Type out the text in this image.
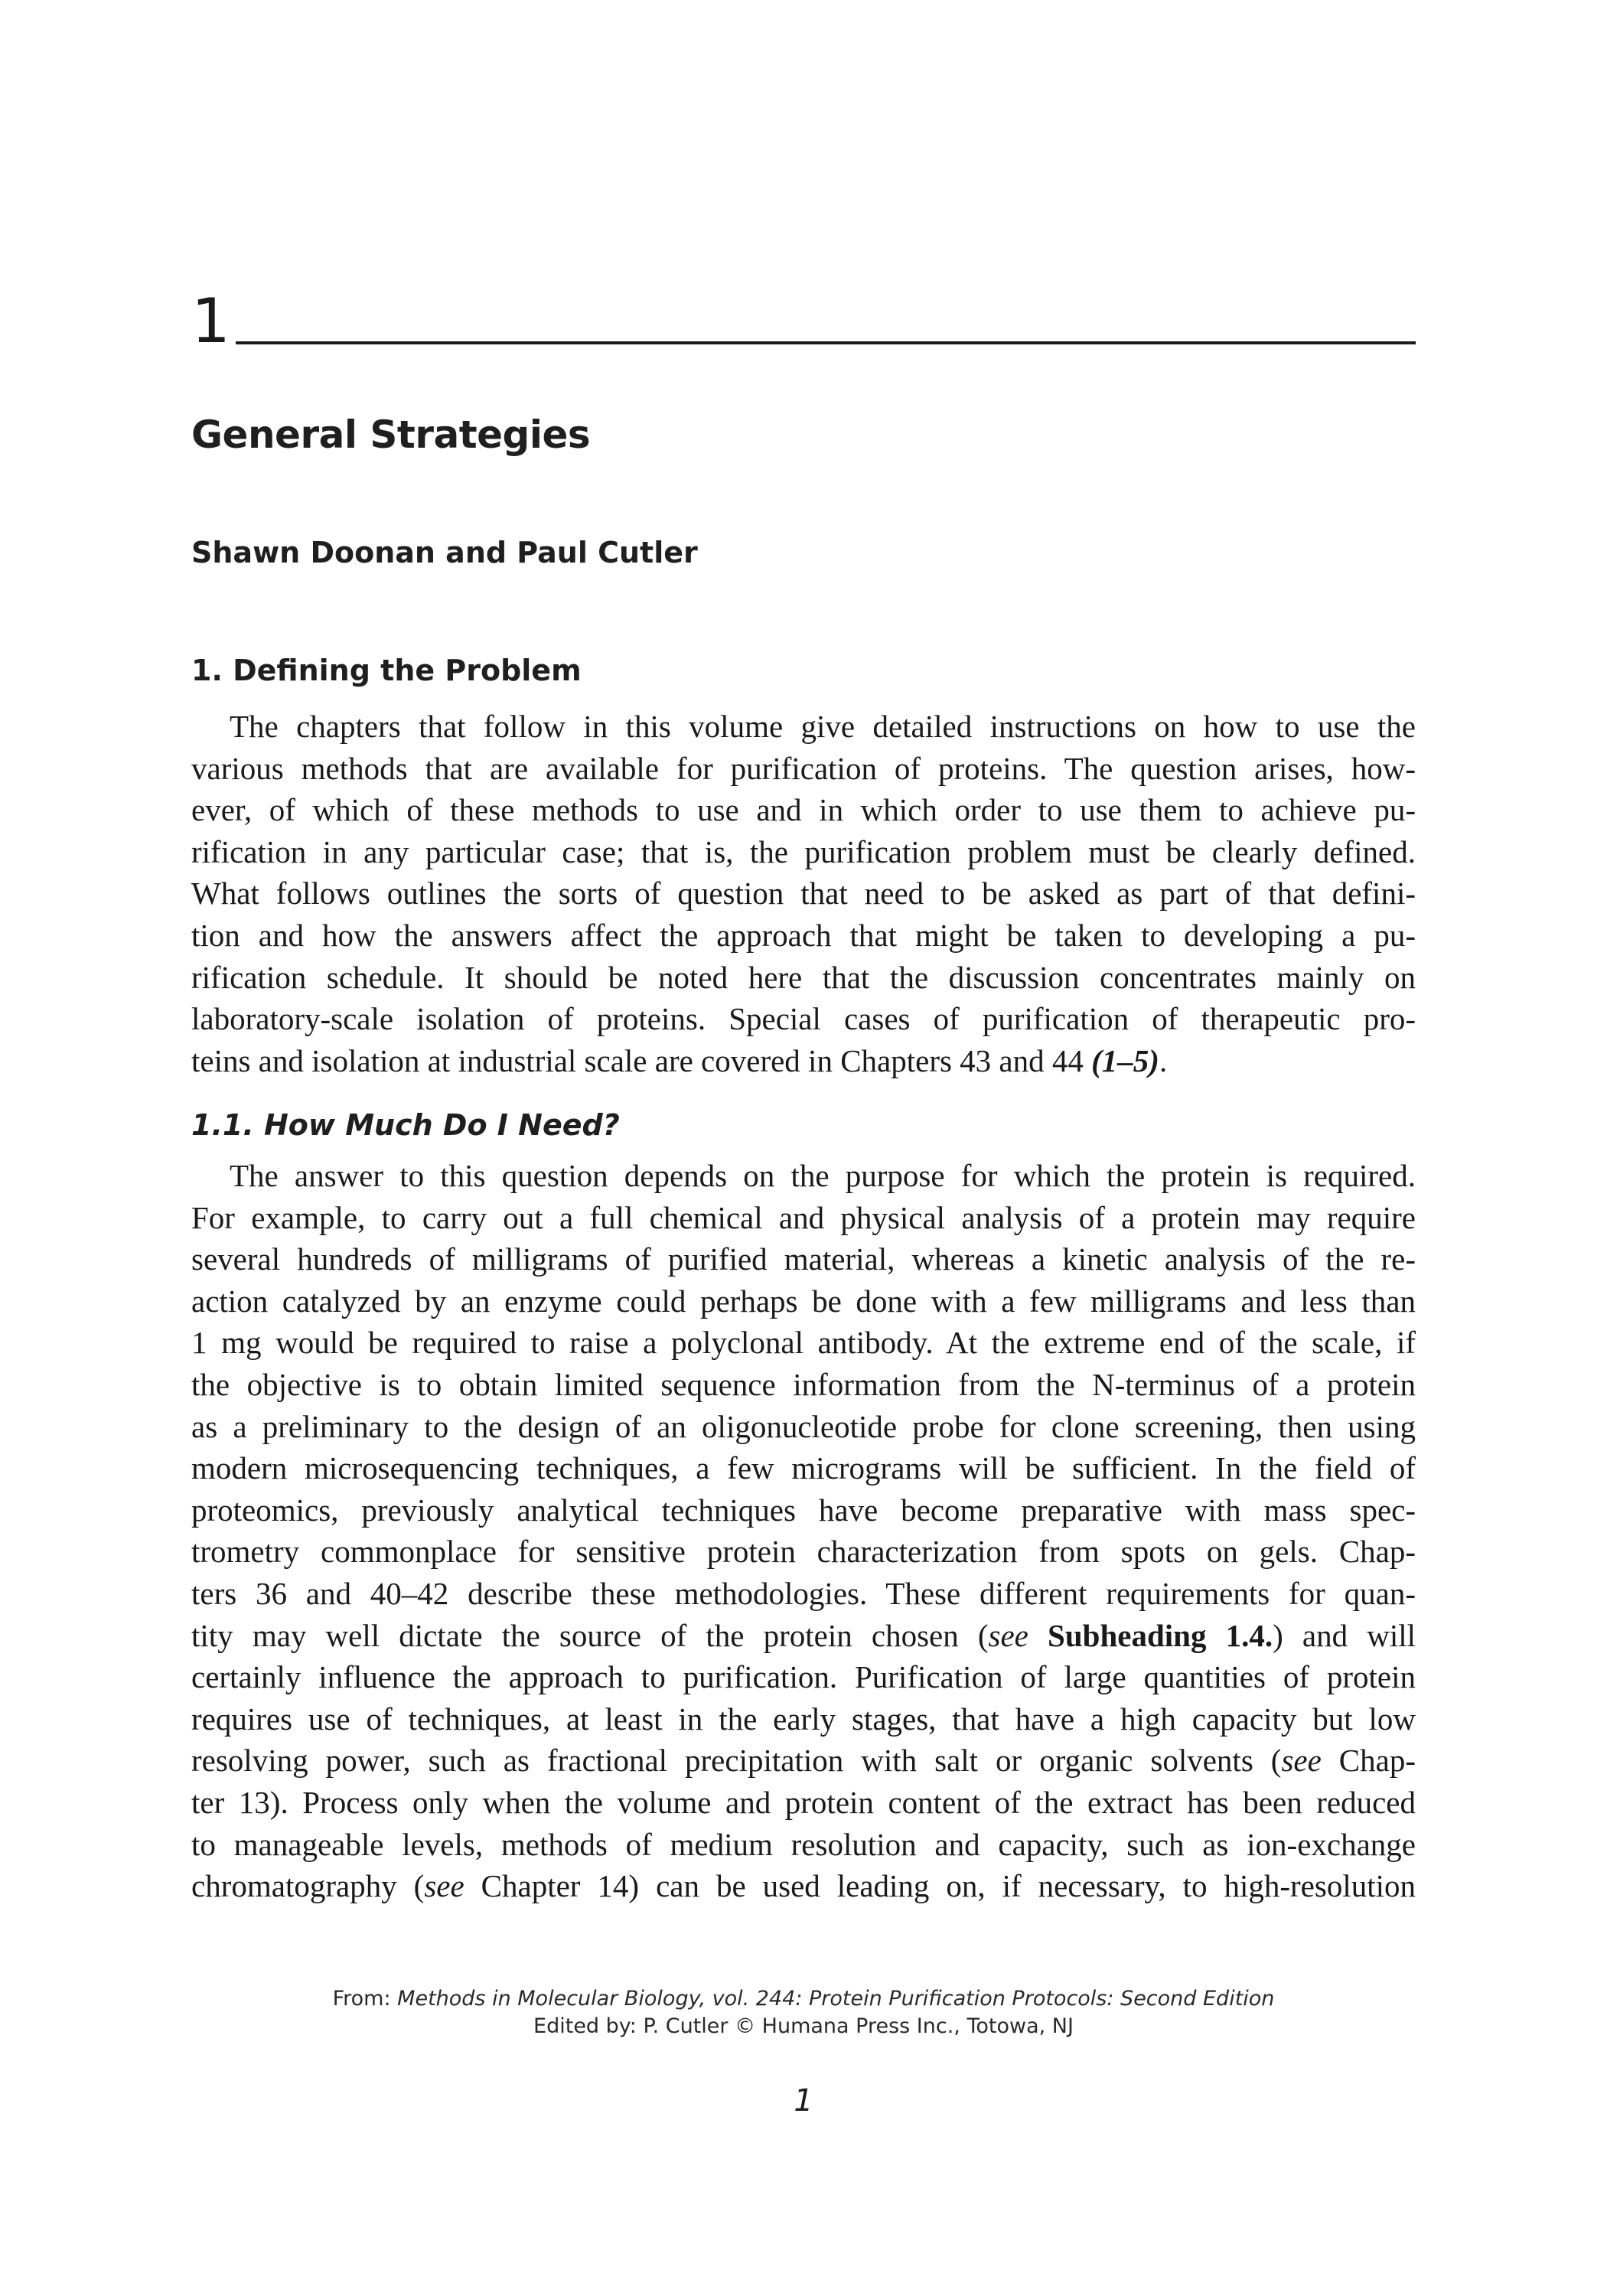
1
General Strategies

Shawn Doonan and Paul Cutler

1. Defining the Problem
The chapters that follow in this volume give detailed instructions on how to use the
various methods that are available for purification of proteins. The question arises, how-
ever, of which of these methods to use and in which order to use them to achieve pu-
rification in any particular case; that is, the purification problem must be clearly defined.
What follows outlines the sorts of question that need to be asked as part of that defini-
tion and how the answers affect the approach that might be taken to developing a pu-
rification schedule. It should be noted here that the discussion concentrates mainly on
laboratory-scale isolation of proteins. Special cases of purification of therapeutic pro-
teins and isolation at industrial scale are covered in Chapters 43 and 44 (1–5).
1.1. How Much Do I Need?
The answer to this question depends on the purpose for which the protein is required.
For example, to carry out a full chemical and physical analysis of a protein may require
several hundreds of milligrams of purified material, whereas a kinetic analysis of the re-
action catalyzed by an enzyme could perhaps be done with a few milligrams and less than
1 mg would be required to raise a polyclonal antibody. At the extreme end of the scale, if
the objective is to obtain limited sequence information from the N-terminus of a protein
as a preliminary to the design of an oligonucleotide probe for clone screening, then using
modern microsequencing techniques, a few micrograms will be sufficient. In the field of
proteomics, previously analytical techniques have become preparative with mass spec-
trometry commonplace for sensitive protein characterization from spots on gels. Chap-
ters 36 and 40–42 describe these methodologies. These different requirements for quan-
tity may well dictate the source of the protein chosen (see Subheading 1.4.) and will
certainly influence the approach to purification. Purification of large quantities of protein
requires use of techniques, at least in the early stages, that have a high capacity but low
resolving power, such as fractional precipitation with salt or organic solvents (see Chap-
ter 13). Process only when the volume and protein content of the extract has been reduced
to manageable levels, methods of medium resolution and capacity, such as ion-exchange
chromatography (see Chapter 14) can be used leading on, if necessary, to high-resolution
From: Methods in Molecular Biology, vol. 244: Protein Purification Protocols: Second Edition
Edited by: P. Cutler © Humana Press Inc., Totowa, NJ
1
